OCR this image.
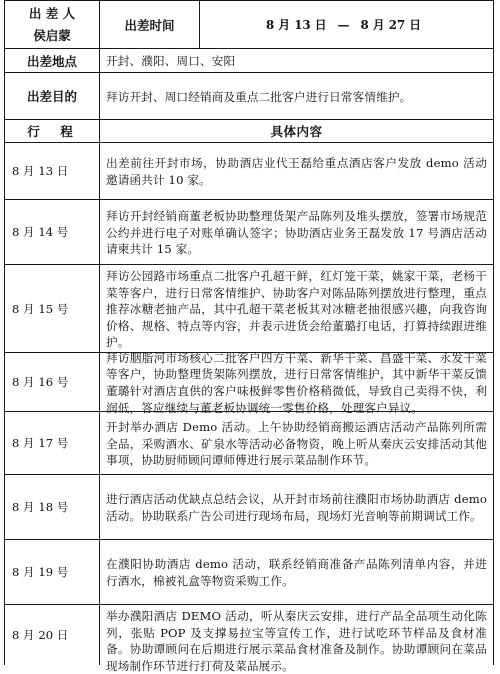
出 差 人
侯启蒙
出差时间	8 月 13 日 — 8 月 27 日
出差地点	开封、濮阳、周口、安阳
出差目的	拜访开封、周口经销商及重点二批客户进行日常客情维护。
行　程	具体内容
8 月 13 日
出差前往开封市场，协助酒店业代王磊给重点酒店客户发放 demo 活动邀请函共计 10 家。
8 月 14 号
拜访开封经销商董老板协助整理货架产品陈列及堆头摆放，签署市场规范公约并进行电子对账单确认签字；协助酒店业务王磊发放 17 号酒店活动请柬共计 15 家。
8 月 15 号
拜访公园路市场重点二批客户孔超干鲜，红灯笼干菜，姚家干菜，老杨干菜等客户，进行日常客情维护、协助客户对陈品陈列摆放进行整理，重点推荐冰糖老抽产品，其中孔超干菜老板其对冰糖老抽很感兴趣，向我咨询价格、规格、特点等内容，并表示进货会给董璐打电话，打算持续跟进维护。
8 月 16 号
拜访胭脂河市场核心二批客户四方干菜、新华干菜、昌盛干菜、永发干菜等客户，协助整理货架陈列摆放，进行日常客情维护，其中新华干菜反馈董璐针对酒店直供的客户味极鲜零售价格稍微低，导致自己卖得不快，利润低，答应继续与董老板协调统一零售价格，处理客户异议。
8 月 17 号
开封举办酒店 Demo 活动。上午协助经销商搬运酒店活动产品陈列所需全品，采购酒水、矿泉水等活动必备物资，晚上听从秦庆云安排活动其他事项，协助厨师顾问谭师傅进行展示菜品制作环节。
8 月 18 号
进行酒店活动优缺点总结会议，从开封市场前往濮阳市场协助酒店 demo 活动。协助联系广告公司进行现场布局，现场灯光音响等前期调试工作。
8 月 19 号
在濮阳协助酒店 demo 活动，联系经销商准备产品陈列清单内容，并进行酒水，棉被礼盒等物资采购工作。
8 月 20 日
举办濮阳酒店 DEMO 活动，听从秦庆云安排，进行产品全品项生动化陈列，张贴 POP 及支撑易拉宝等宣传工作，进行试吃环节样品及食材准备。协助谭顾问在后期进行展示菜品食材准备及制作。协助谭顾问在菜品现场制作环节进行打荷及菜品展示。
